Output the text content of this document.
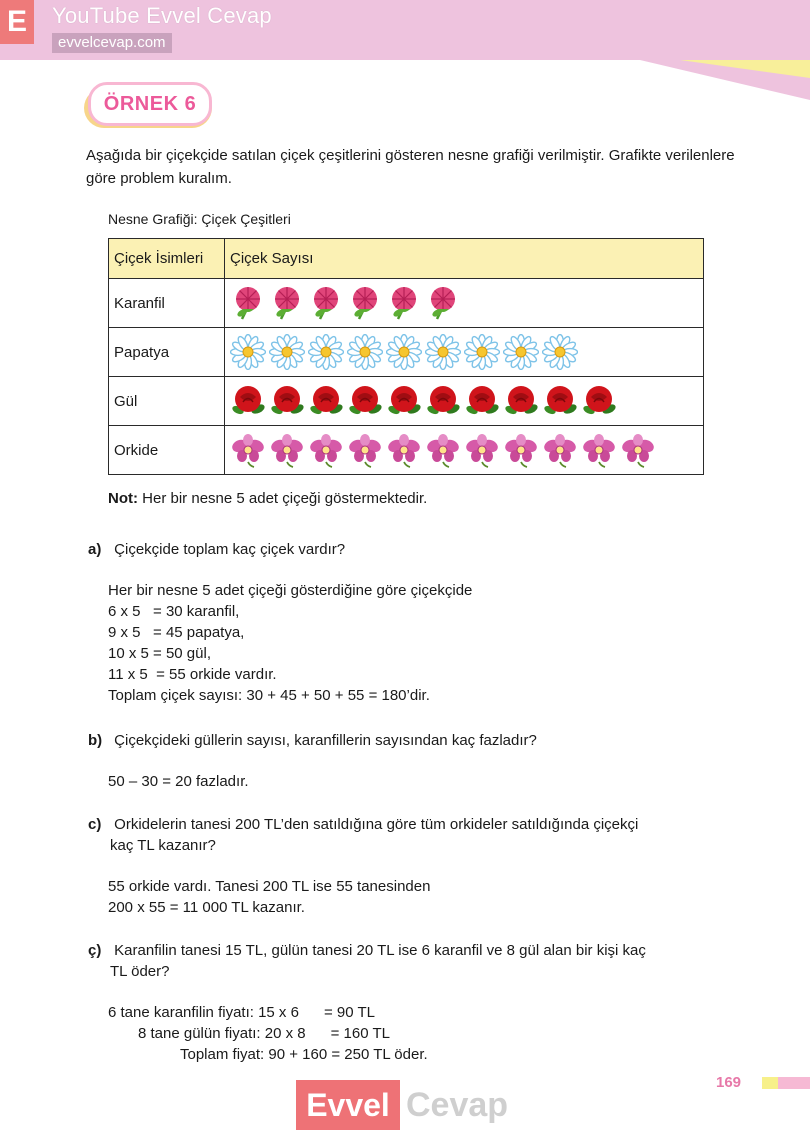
E	YouTube Evvel Cevap
evvelcevap.com
ÖRNEK 6
Aşağıda bir çiçekçide satılan çiçek çeşitlerini gösteren nesne grafiği verilmiştir. Grafikte verilenlere göre problem kuralım.
Nesne Grafiği: Çiçek Çeşitleri
Çiçek İsimleri	Çiçek Sayısı
Karanfil	

Papatya	

Gül	

Orkide	
Not: Her bir nesne 5 adet çiçeği göstermektedir.
a) Çiçekçide toplam kaç çiçek vardır?
Her bir nesne 5 adet çiçeği gösterdiğine göre çiçekçide
6 x 5   = 30 karanfil,
9 x 5   = 45 papatya,
10 x 5 = 50 gül,
11 x 5  = 55 orkide vardır.
Toplam çiçek sayısı: 30 + 45 + 50 + 55 = 180’dir.
b) Çiçekçideki güllerin sayısı, karanfillerin sayısından kaç fazladır?
50 – 30 = 20 fazladır.
c) Orkidelerin tanesi 200 TL’den satıldığına göre tüm orkideler satıldığında çiçekçi
kaç TL kazanır?
55 orkide vardı. Tanesi 200 TL ise 55 tanesinden
200 x 55 = 11 000 TL kazanır.
ç) Karanfilin tanesi 15 TL, gülün tanesi 20 TL ise 6 karanfil ve 8 gül alan bir kişi kaç
TL öder?
6 tane karanfilin fiyatı: 15 x 6      = 90 TL
8 tane gülün fiyatı: 20 x 8      = 160 TL
Toplam fiyat: 90 + 160 = 250 TL öder.
169
Evvel Cevap
